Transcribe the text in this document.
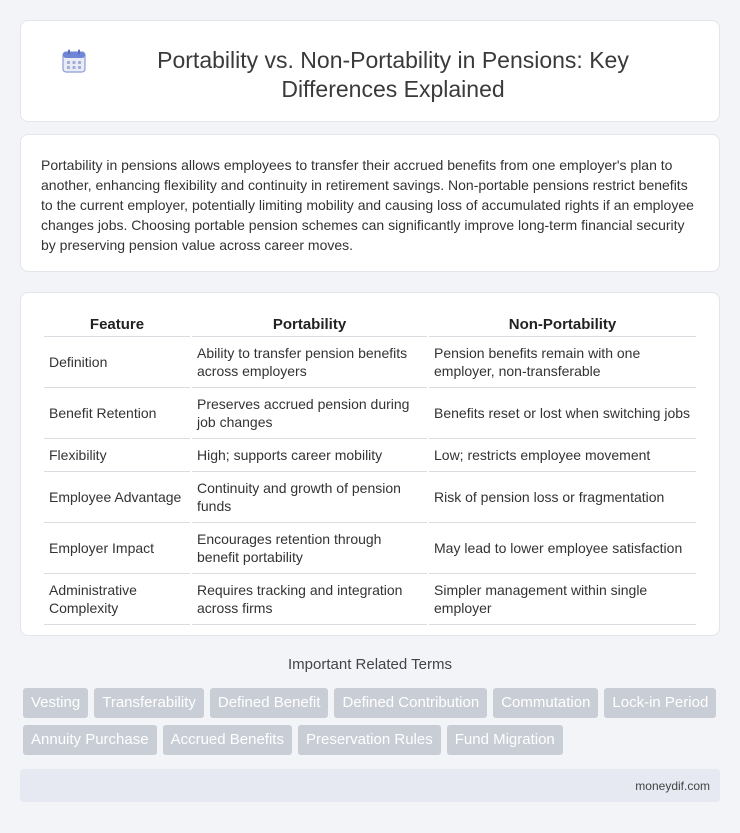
Portability vs. Non-Portability in Pensions: Key Differences Explained

Portability in pensions allows employees to transfer their accrued benefits from one employer's plan to another, enhancing flexibility and continuity in retirement savings. Non-portable pensions restrict benefits to the current employer, potentially limiting mobility and causing loss of accumulated rights if an employee changes jobs. Choosing portable pension schemes can significantly improve long-term financial security by preserving pension value across career moves.

Feature	Portability	Non-Portability
Definition	Ability to transfer pension benefits across employers	Pension benefits remain with one employer, non-transferable
Benefit Retention	Preserves accrued pension during job changes	Benefits reset or lost when switching jobs
Flexibility	High; supports career mobility	Low; restricts employee movement
Employee Advantage	Continuity and growth of pension funds	Risk of pension loss or fragmentation
Employer Impact	Encourages retention through benefit portability	May lead to lower employee satisfaction
Administrative Complexity	Requires tracking and integration across firms	Simpler management within single employer
Important Related Terms
Vesting	Transferability	Defined Benefit	Defined Contribution	Commutation	Lock-in Period
Annuity Purchase	Accrued Benefits	Preservation Rules	Fund Migration
moneydif.com
